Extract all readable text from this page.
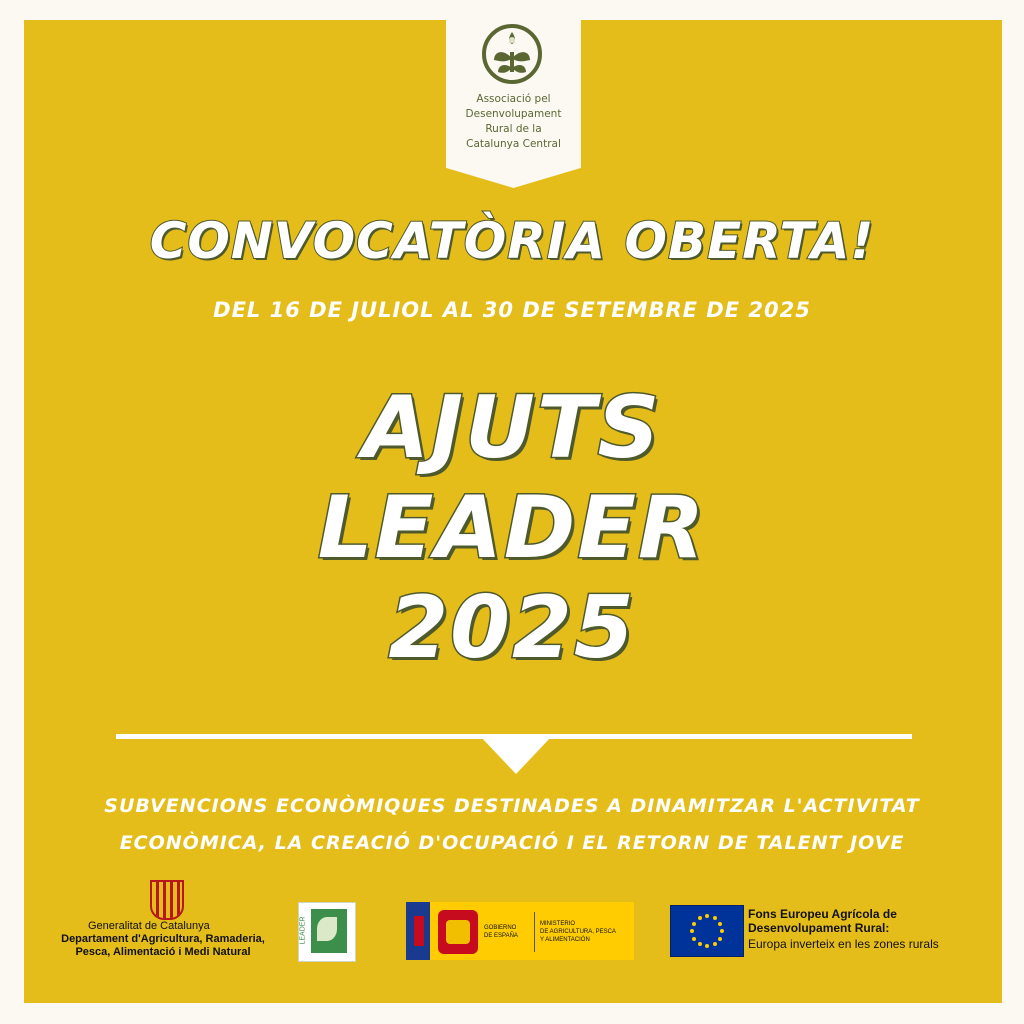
Associació pel
Desenvolupament
Rural de la
Catalunya Central
CONVOCATÒRIA OBERTA!
DEL 16 DE JULIOL AL 30 DE SETEMBRE DE 2025
AJUTS
LEADER
2025
SUBVENCIONS ECONÒMIQUES DESTINADES A DINAMITZAR L'ACTIVITAT
ECONÒMICA, LA CREACIÓ D'OCUPACIÓ I EL RETORN DE TALENT JOVE
Generalitat de Catalunya
Departament d'Agricultura, Ramaderia,
Pesca, Alimentació i Medi Natural
LEADER	GOBIERNO
DE ESPAÑA
MINISTERIO
DE AGRICULTURA, PESCA
Y ALIMENTACIÓN
Fons Europeu Agrícola de
Desenvolupament Rural:
Europa inverteix en les zones rurals
